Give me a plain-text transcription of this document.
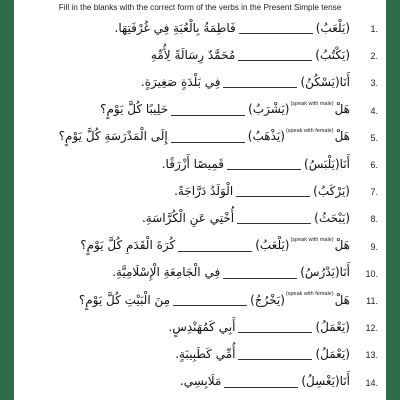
Fill in the blanks with the correct form of the verbs in the Present Simple tense
1.
(يَلْعَبُ)فَاطِمَةُ بِالْعُبَةِ فِي غُرْفَتِهَا.
2.
(يَكْتُبُ)مُحَمَّدٌ رِسَالَةً لِأُمِّهِ
3.
أَنَا(يَسْكُنُ)فِي بَلْدَةٍ صَغِيرَةٍ.
4.
هَلْ(speak with male)(يَشْرَبُ)حَلِيبًا كُلَّ يَوْمٍ؟
5.
هَلْ(speak with female)(يَذْهَبُ)إِلَى الْمَدْرَسَةِ كُلَّ يَوْمٍ؟
6.
أَنَا(يَلْبَسُ)قَمِيصًا أَزْرَقًا.
7.
(يَرْكَبُ)الْوَلَدُ دَرَّاجَةً.
8.
(يَبْحَثُ)أُخْتِي عَنِ الْكُرَّاسَةِ.
9.
هَلْ(speak with male)(يَلْعَبُ)كُرَةَ الْقَدَمِ كُلَّ يَوْمٍ؟
10.
أَنَا(يَدْرُسُ)فِي الْجَامِعَةِ الْإِسْلَامِيَّةِ.
11.
هَلْ(speak with female)(يَخْرُجُ)مِنَ الْبَيْتِ كُلَّ يَوْمٍ؟
12.
(يَعْمَلُ)أَبِي كَمُهَنْدِسٍ.
13.
(يَعْمَلُ)أُمِّي كَطَبِيبَةٍ.
14.
أَنَا(يَغْسِلُ)مَلَابِسِي.
